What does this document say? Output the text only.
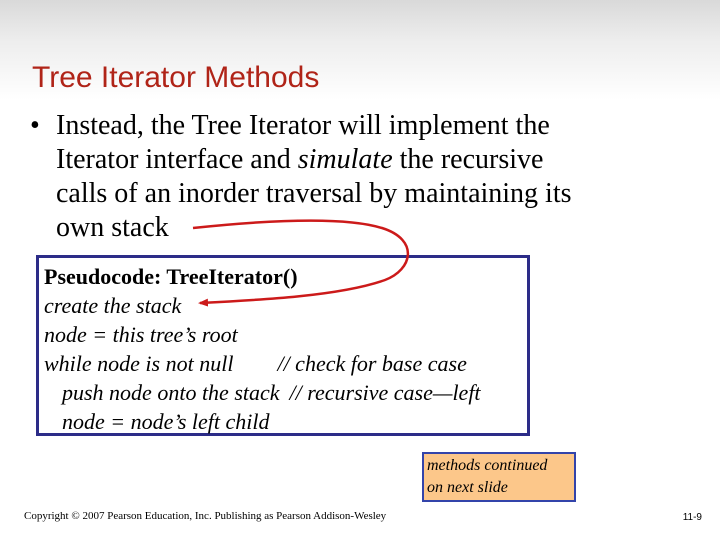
Tree Iterator Methods
• Instead, the Tree Iterator will implement the
Iterator interface and simulate the recursive
calls of an inorder traversal by maintaining its
own stack
Pseudocode: TreeIterator()
create the stack
node = this tree’s root
while node is not null // check for base case
push node onto the stack // recursive case—left
node = node’s left child
methods continued
on next slide
Copyright © 2007 Pearson Education, Inc. Publishing as Pearson Addison-Wesley	11-9
